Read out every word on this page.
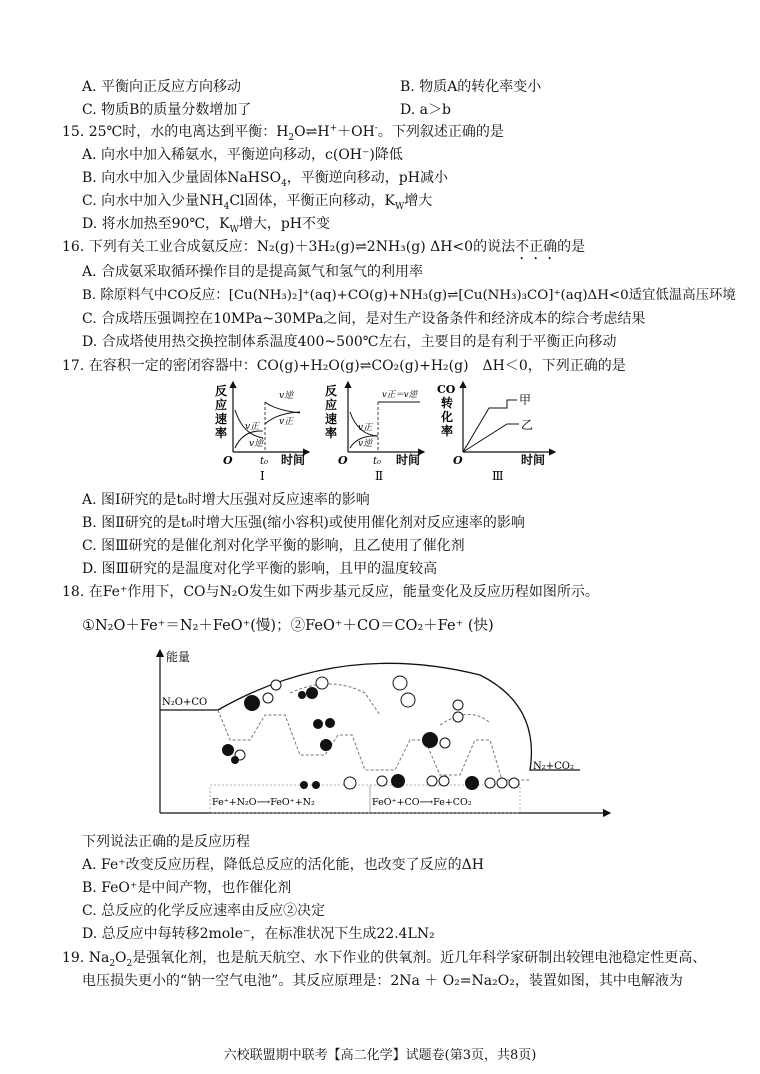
A. 平衡向正反应方向移动	B. 物质A的转化率变小
C. 物质B的质量分数增加了	D. a＞b
15. 25℃时，水的电离达到平衡：$H_2O\rightleftharpoons H^++OH^-$。下列叙述正确的是
A. 向水中加入稀氨水，平衡逆向移动，c(OH⁻)降低
B. 向水中加入少量固体NaHSO$_4$，平衡逆向移动，pH减小
C. 向水中加入少量$NH_4Cl$固体，平衡正向移动，$K_W$增大
D. 将水加热至90℃，$K_W$增大，pH不变
16. 下列有关工业合成氨反应：N₂(g)＋3H₂(g)⇌2NH₃(g) ΔH<0的说法不正确的是
A. 合成氨采取循环操作目的是提高氮气和氢气的利用率
B. 除原料气中CO反应：[Cu(NH₃)₂]⁺(aq)+CO(g)+NH₃(g)⇌[Cu(NH₃)₃CO]⁺(aq)ΔH<0适宜低温高压环境
C. 合成塔压强调控在10MPa~30MPa之间，是对生产设备条件和经济成本的综合考虑结果
D. 合成塔使用热交换控制体系温度400~500℃左右，主要目的是有利于平衡正向移动
17. 在容积一定的密闭容器中：CO(g)+H₂O(g)⇌CO₂(g)+H₂(g)　ΔH＜0，下列正确的是
反
应
速
率
v逆
v正
v正
v逆
O	t₀ 时间
Ⅰ
反
应
速
率
v正＝v逆
v正
v逆
O	t₀ 时间
Ⅱ
CO
转
化
率
甲
乙
O	时间
Ⅲ
A. 图Ⅰ研究的是t₀时增大压强对反应速率的影响
B. 图Ⅱ研究的是t₀时增大压强(缩小容积)或使用催化剂对反应速率的影响
C. 图Ⅲ研究的是催化剂对化学平衡的影响，且乙使用了催化剂
D. 图Ⅲ研究的是温度对化学平衡的影响，且甲的温度较高
18. 在Fe⁺作用下，CO与N₂O发生如下两步基元反应，能量变化及反应历程如图所示。
①N₂O＋Fe⁺＝N₂＋FeO⁺(慢)；②FeO⁺＋CO＝CO₂＋Fe⁺ (快)
能量
N₂O+CO
N₂+CO₂
Fe⁺+N₂O⟶FeO⁺+N₂	FeO⁺+CO⟶Fe+CO₂
下列说法正确的是反应历程
A. Fe⁺改变反应历程，降低总反应的活化能，也改变了反应的ΔH
B. FeO⁺是中间产物，也作催化剂
C. 总反应的化学反应速率由反应②决定
D. 总反应中每转移2mole⁻，在标准状况下生成22.4LN₂
19. $Na_2O_2$是强氧化剂，也是航天航空、水下作业的供氧剂。近几年科学家研制出较锂电池稳定性更高、
电压损失更小的“钠一空气电池”。其反应原理是：2Na ＋ O₂=Na₂O₂，装置如图，其中电解液为
六校联盟期中联考【高二化学】试题卷(第3页，共8页)
